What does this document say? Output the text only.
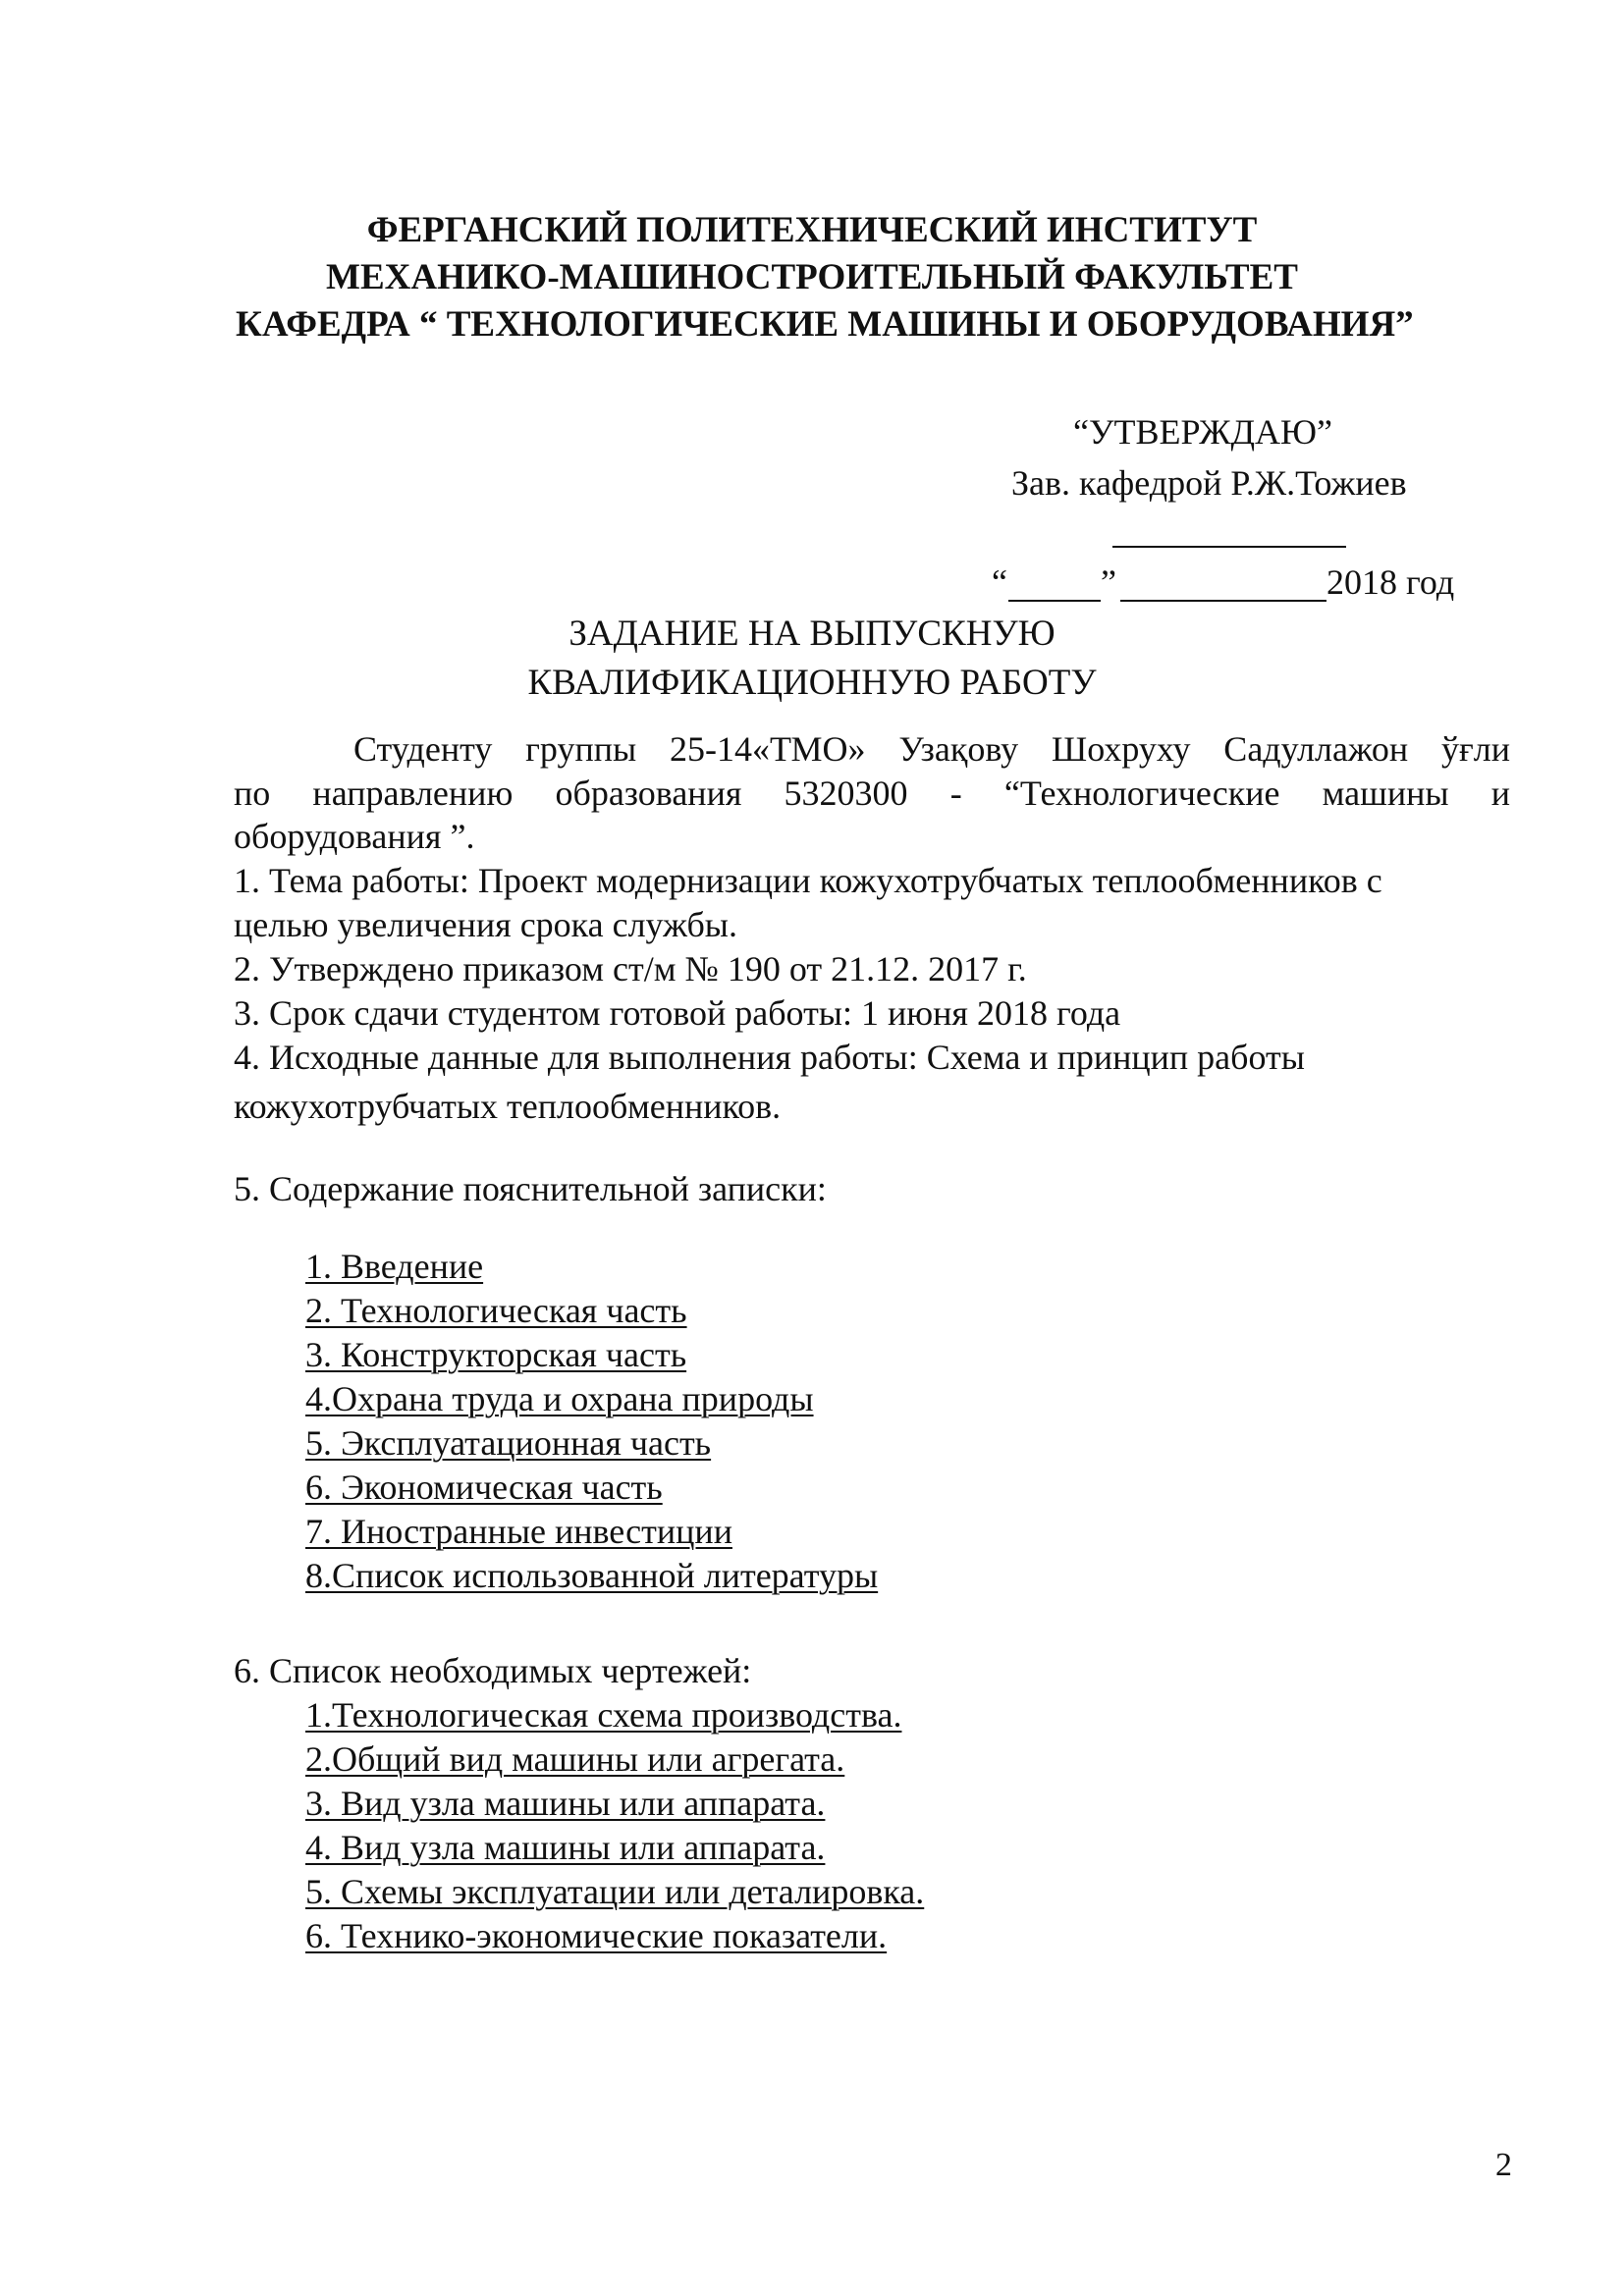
ФЕРГАНСКИЙ ПОЛИТЕХНИЧЕСКИЙ ИНСТИТУТ
МЕХАНИКО-МАШИНОСТРОИТЕЛЬНЫЙ ФАКУЛЬТЕТ
КАФЕДРА “ ТЕХНОЛОГИЧЕСКИЕ МАШИНЫ И ОБОРУДОВАНИЯ”
“УТВЕРЖДАЮ”
Зав. кафедрой Р.Ж.Тожиев
“	”	2018 год
ЗАДАНИЕ НА ВЫПУСКНУЮ
КВАЛИФИКАЦИОННУЮ РАБОТУ
Студенту группы 25-14«ТМО» Узақову Шохруху Садуллажон ўғли
по направлению образования 5320300 - “Технологические машины и
оборудования ”.
1. Тема работы: Проект модернизации кожухотрубчатых теплообменников с
целью увеличения срока службы.
2. Утверждено приказом ст/м № 190 от 21.12. 2017 г.
3. Срок сдачи студентом готовой работы: 1 июня 2018 года
4. Исходные данные для выполнения работы: Схема и принцип работы
кожухотрубчатых теплообменников.
5. Содержание пояснительной записки:
1. Введение
2. Технологическая часть
3. Конструкторская часть
4.Охрана труда и охрана природы
5. Эксплуатационная часть
6. Экономическая часть
7. Иностранные инвестиции
8.Список использованной литературы
6. Список необходимых чертежей:
1.Технологическая схема производства.
2.Общий вид машины или агрегата.
3. Вид узла машины или аппарата.
4. Вид узла машины или аппарата.
5. Схемы эксплуатации или деталировка.
6. Технико-экономические показатели.
2
